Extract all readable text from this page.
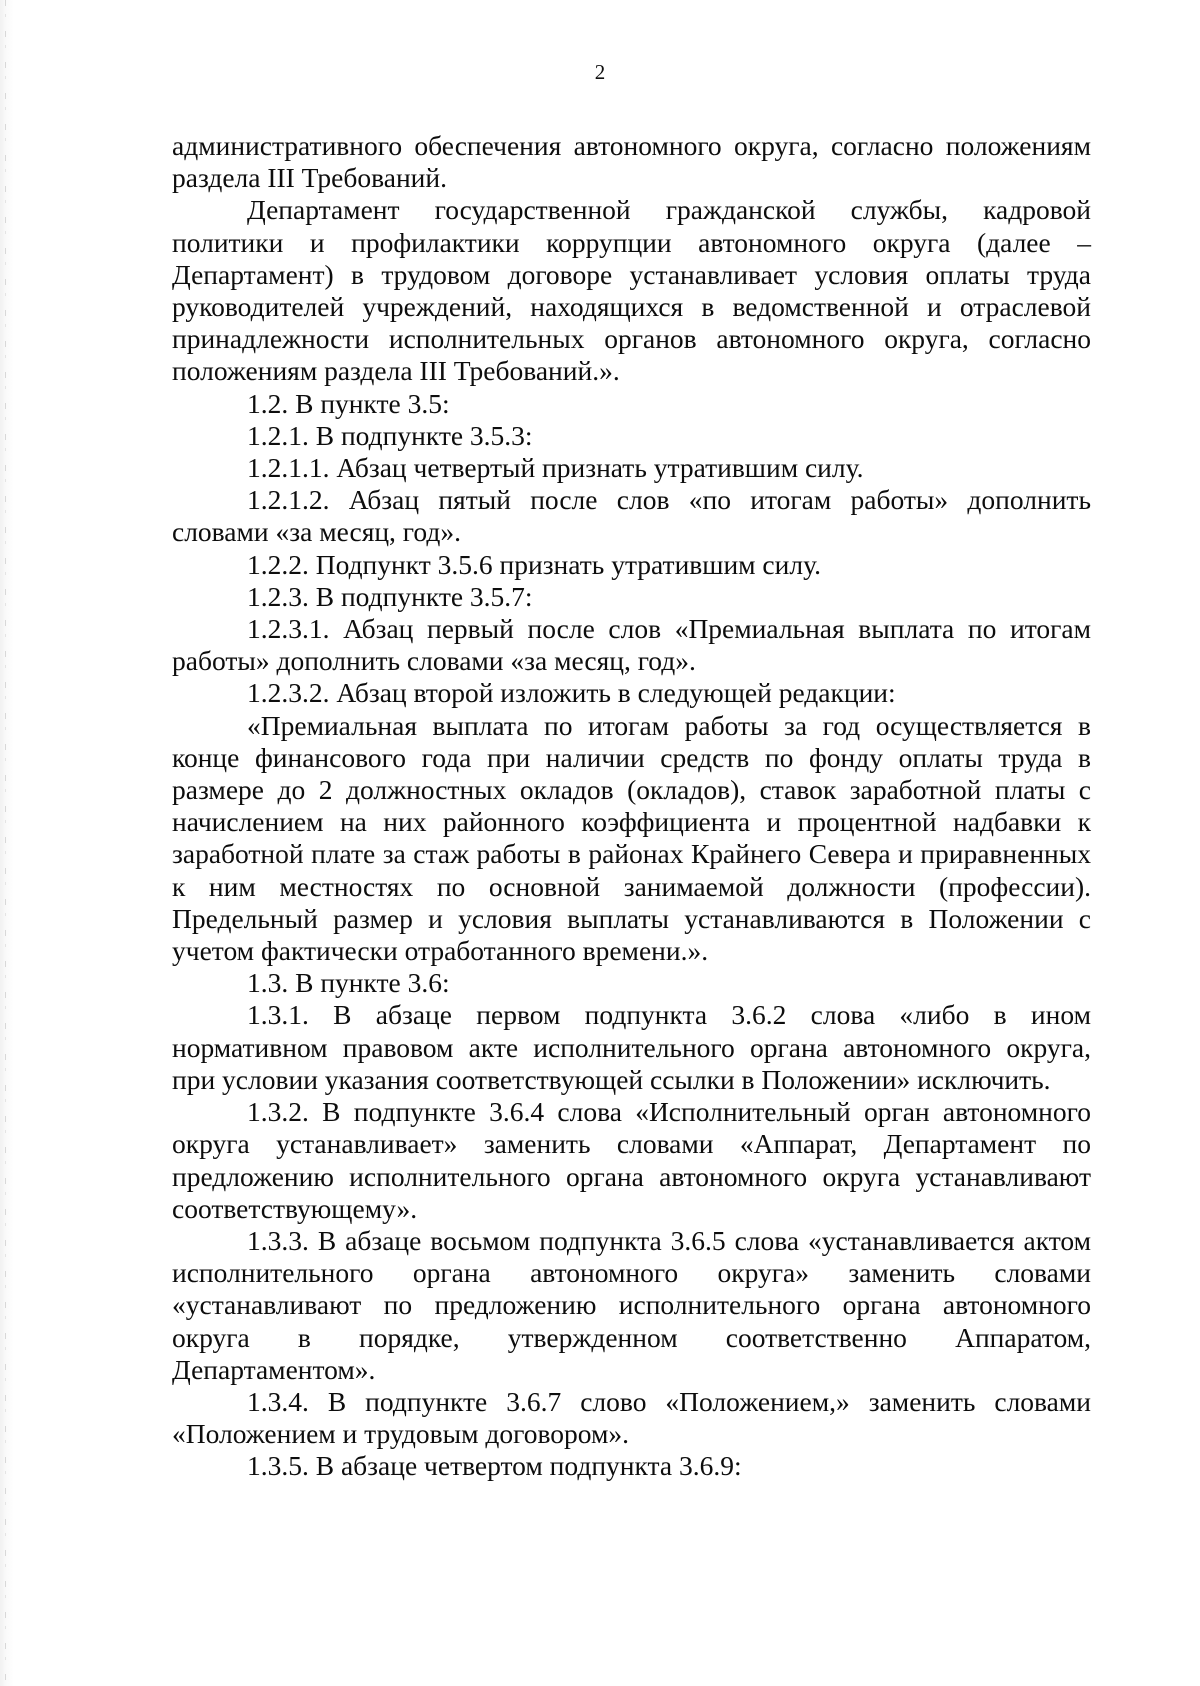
2

административного обеспечения автономного округа, согласно положениям раздела III Требований.

Департамент государственной гражданской службы, кадровой политики и профилактики коррупции автономного округа (далее – Департамент) в трудовом договоре устанавливает условия оплаты труда руководителей учреждений, находящихся в ведомственной и отраслевой принадлежности исполнительных органов автономного округа, согласно положениям раздела III Требований.».

1.2. В пункте 3.5:

1.2.1. В подпункте 3.5.3:

1.2.1.1. Абзац четвертый признать утратившим силу.

1.2.1.2. Абзац пятый после слов «по итогам работы» дополнить словами «за месяц, год».

1.2.2. Подпункт 3.5.6 признать утратившим силу.

1.2.3. В подпункте 3.5.7:

1.2.3.1. Абзац первый после слов «Премиальная выплата по итогам работы» дополнить словами «за месяц, год».

1.2.3.2. Абзац второй изложить в следующей редакции:

«Премиальная выплата по итогам работы за год осуществляется в конце финансового года при наличии средств по фонду оплаты труда в размере до 2 должностных окладов (окладов), ставок заработной платы с начислением на них районного коэффициента и процентной надбавки к заработной плате за стаж работы в районах Крайнего Севера и приравненных к ним местностях по основной занимаемой должности (профессии). Предельный размер и условия выплаты устанавливаются в Положении с учетом фактически отработанного времени.».

1.3. В пункте 3.6:

1.3.1. В абзаце первом подпункта 3.6.2 слова «либо в ином нормативном правовом акте исполнительного органа автономного округа, при условии указания соответствующей ссылки в Положении» исключить.

1.3.2. В подпункте 3.6.4 слова «Исполнительный орган автономного округа устанавливает» заменить словами «Аппарат, Департамент по предложению исполнительного органа автономного округа устанавливают соответствующему».

1.3.3. В абзаце восьмом подпункта 3.6.5 слова «устанавливается актом исполнительного органа автономного округа» заменить словами «устанавливают по предложению исполнительного органа автономного округа в порядке, утвержденном соответственно Аппаратом, Департаментом».

1.3.4. В подпункте 3.6.7 слово «Положением,» заменить словами «Положением и трудовым договором».

1.3.5. В абзаце четвертом подпункта 3.6.9:
